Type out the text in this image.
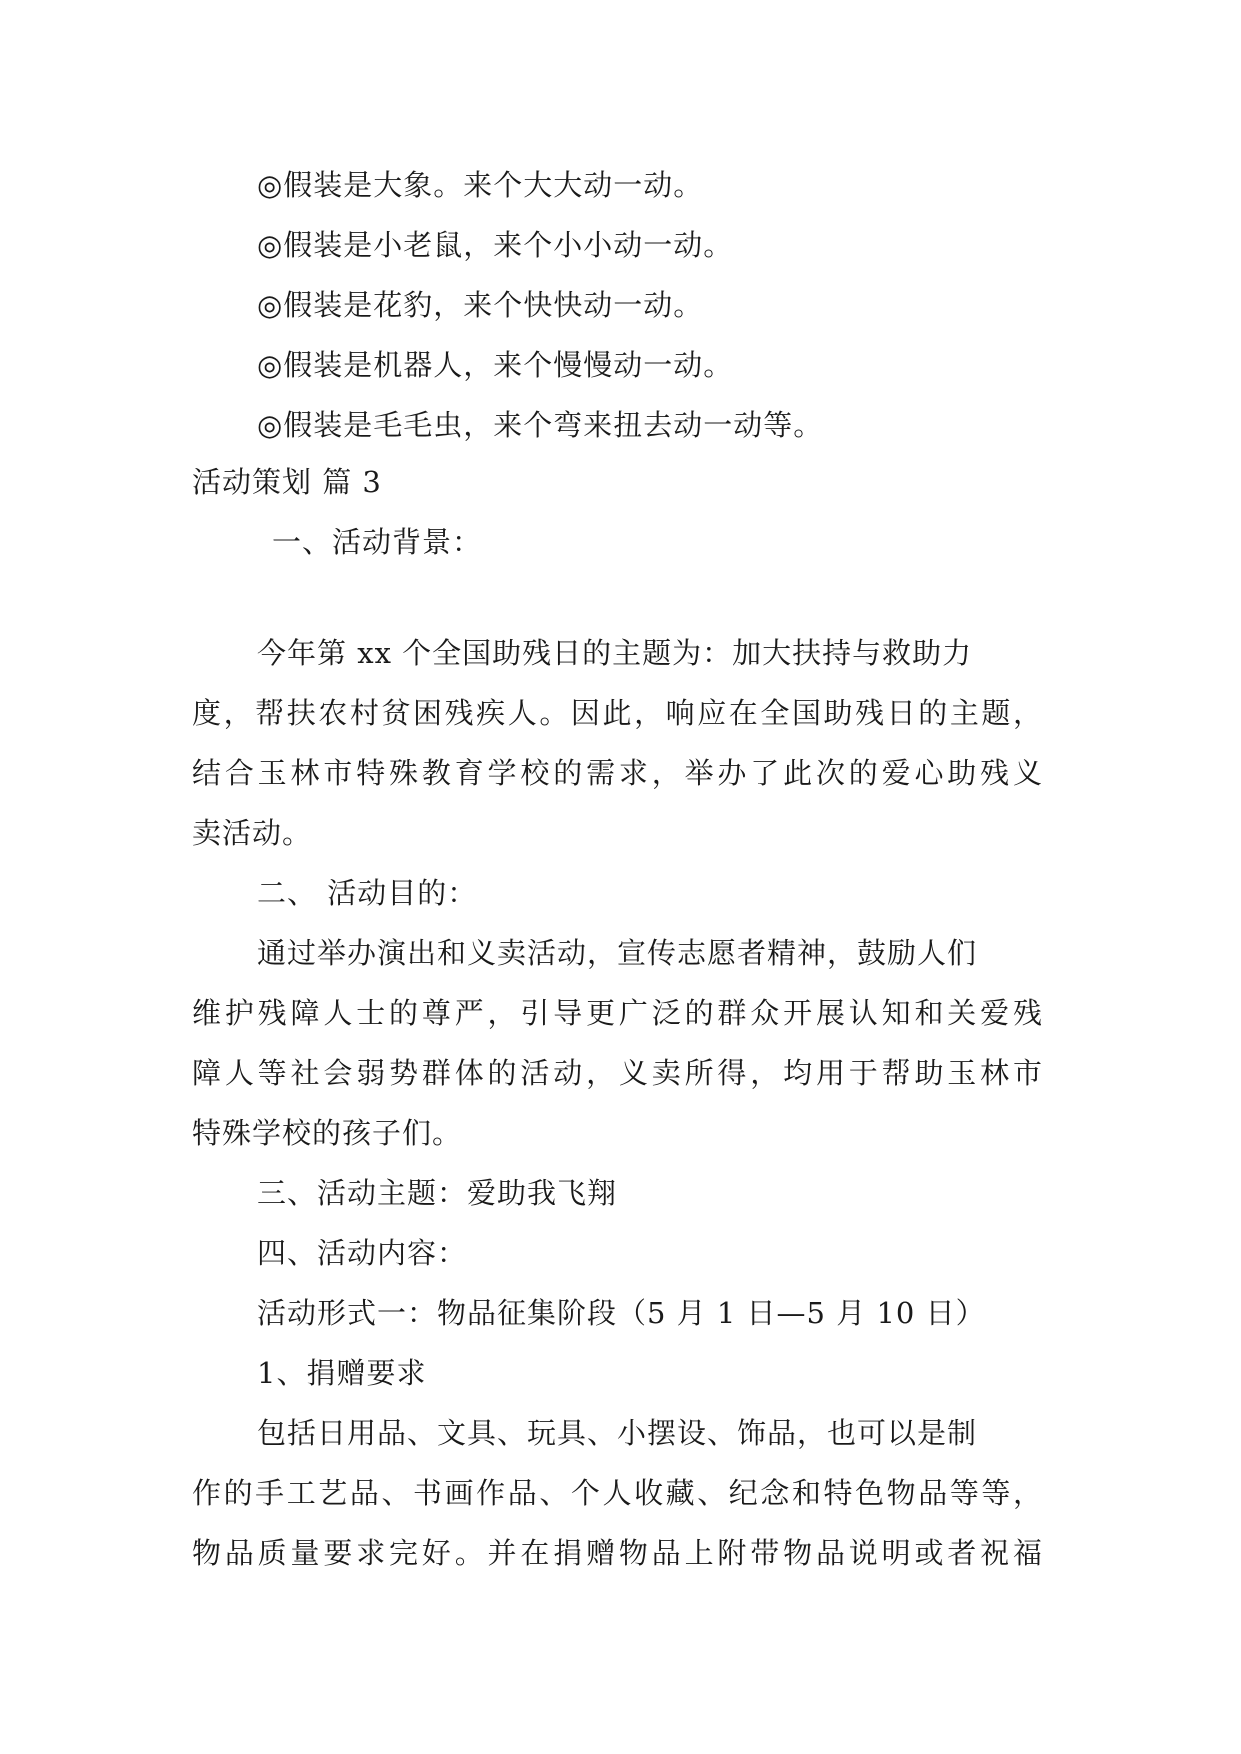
◎假装是大象。来个大大动一动。
◎假装是小老鼠，来个小小动一动。
◎假装是花豹，来个快快动一动。
◎假装是机器人，来个慢慢动一动。
◎假装是毛毛虫，来个弯来扭去动一动等。
活动策划 篇 3
一、活动背景：
今年第 xx 个全国助残日的主题为：加大扶持与救助力
度，帮扶农村贫困残疾人。因此，响应在全国助残日的主题，
结合玉林市特殊教育学校的需求，举办了此次的爱心助残义
卖活动。
二、 活动目的：
通过举办演出和义卖活动，宣传志愿者精神，鼓励人们
维护残障人士的尊严，引导更广泛的群众开展认知和关爱残
障人等社会弱势群体的活动，义卖所得，均用于帮助玉林市
特殊学校的孩子们。
三、活动主题：爱助我飞翔
四、活动内容：
活动形式一：物品征集阶段（5 月 1 日—5 月 10 日）
1、捐赠要求
包括日用品、文具、玩具、小摆设、饰品，也可以是制
作的手工艺品、书画作品、个人收藏、纪念和特色物品等等，
物品质量要求完好。并在捐赠物品上附带物品说明或者祝福
